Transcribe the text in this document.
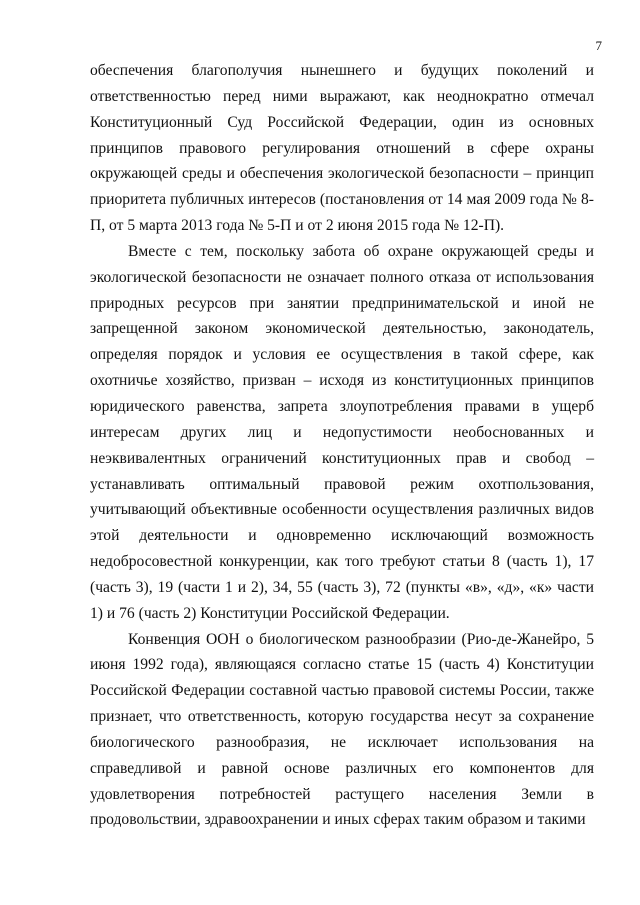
7

обеспечения благополучия нынешнего и будущих поколений и ответственностью перед ними выражают, как неоднократно отмечал Конституционный Суд Российской Федерации, один из основных принципов правового регулирования отношений в сфере охраны окружающей среды и обеспечения экологической безопасности – принцип приоритета публичных интересов (постановления от 14 мая 2009 года № 8-П, от 5 марта 2013 года № 5-П и от 2 июня 2015 года № 12-П).

Вместе с тем, поскольку забота об охране окружающей среды и экологической безопасности не означает полного отказа от использования природных ресурсов при занятии предпринимательской и иной не запрещенной законом экономической деятельностью, законодатель, определяя порядок и условия ее осуществления в такой сфере, как охотничье хозяйство, призван – исходя из конституционных принципов юридического равенства, запрета злоупотребления правами в ущерб интересам других лиц и недопустимости необоснованных и неэквивалентных ограничений конституционных прав и свобод – устанавливать оптимальный правовой режим охотпользования, учитывающий объективные особенности осуществления различных видов этой деятельности и одновременно исключающий возможность недобросовестной конкуренции, как того требуют статьи 8 (часть 1), 17 (часть 3), 19 (части 1 и 2), 34, 55 (часть 3), 72 (пункты «в», «д», «к» части 1) и 76 (часть 2) Конституции Российской Федерации.

Конвенция ООН о биологическом разнообразии (Рио-де-Жанейро, 5 июня 1992 года), являющаяся согласно статье 15 (часть 4) Конституции Российской Федерации составной частью правовой системы России, также признает, что ответственность, которую государства несут за сохранение биологического разнообразия, не исключает использования на справедливой и равной основе различных его компонентов для удовлетворения потребностей растущего населения Земли в продовольствии, здравоохранении и иных сферах таким образом и такими
